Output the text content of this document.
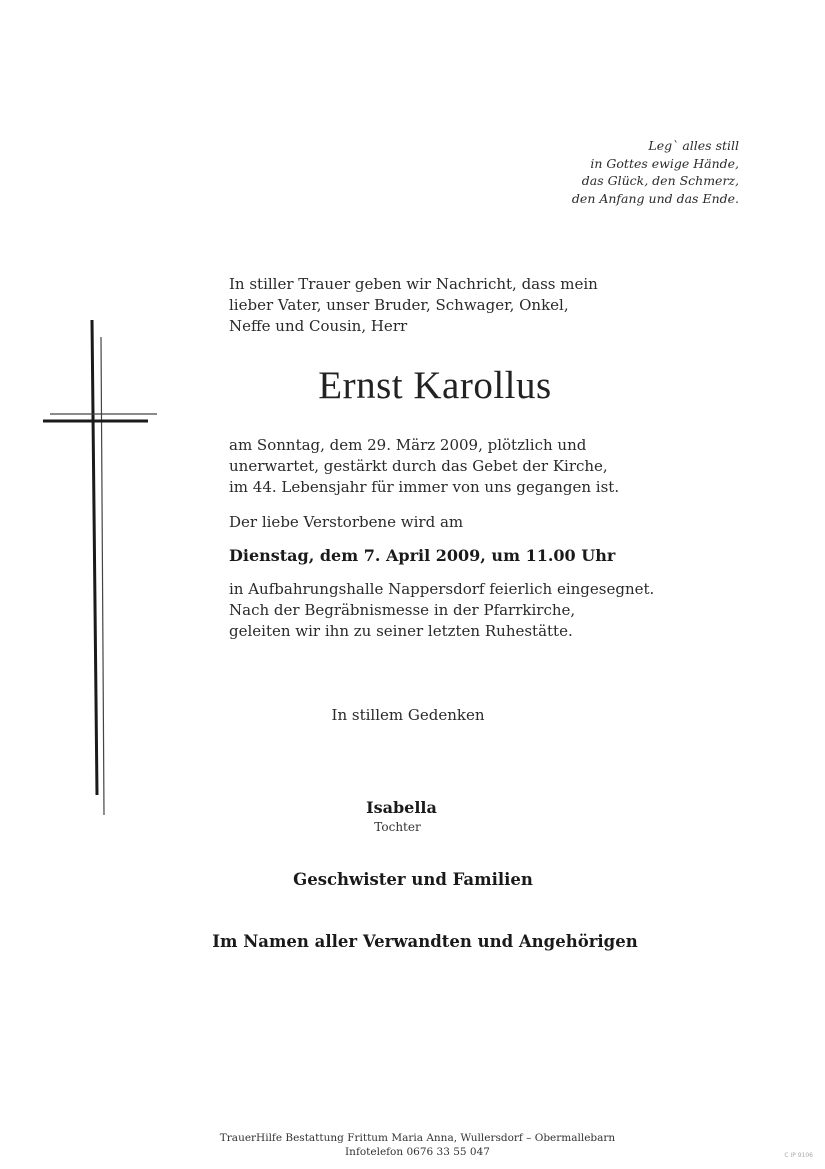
Leg` alles still
in Gottes ewige Hände,
das Glück, den Schmerz,
den Anfang und das Ende.
In stiller Trauer geben wir Nachricht, dass mein
lieber Vater, unser Bruder, Schwager, Onkel,
Neffe und Cousin, Herr
Ernst Karollus
am Sonntag, dem 29. März 2009, plötzlich und
unerwartet, gestärkt durch das Gebet der Kirche,
im 44. Lebensjahr für immer von uns gegangen ist.
Der liebe Verstorbene wird am
Dienstag, dem 7. April 2009, um 11.00 Uhr
in Aufbahrungshalle Nappersdorf feierlich eingesegnet.
Nach der Begräbnismesse in der Pfarrkirche,
geleiten wir ihn zu seiner letzten Ruhestätte.
In stillem Gedenken
Isabella
Tochter
Geschwister und Familien
Im Namen aller Verwandten und Angehörigen
TrauerHilfe Bestattung Frittum Maria Anna, Wullersdorf – Obermallebarn
Infotelefon 0676 33 55 047	C IP 9106
